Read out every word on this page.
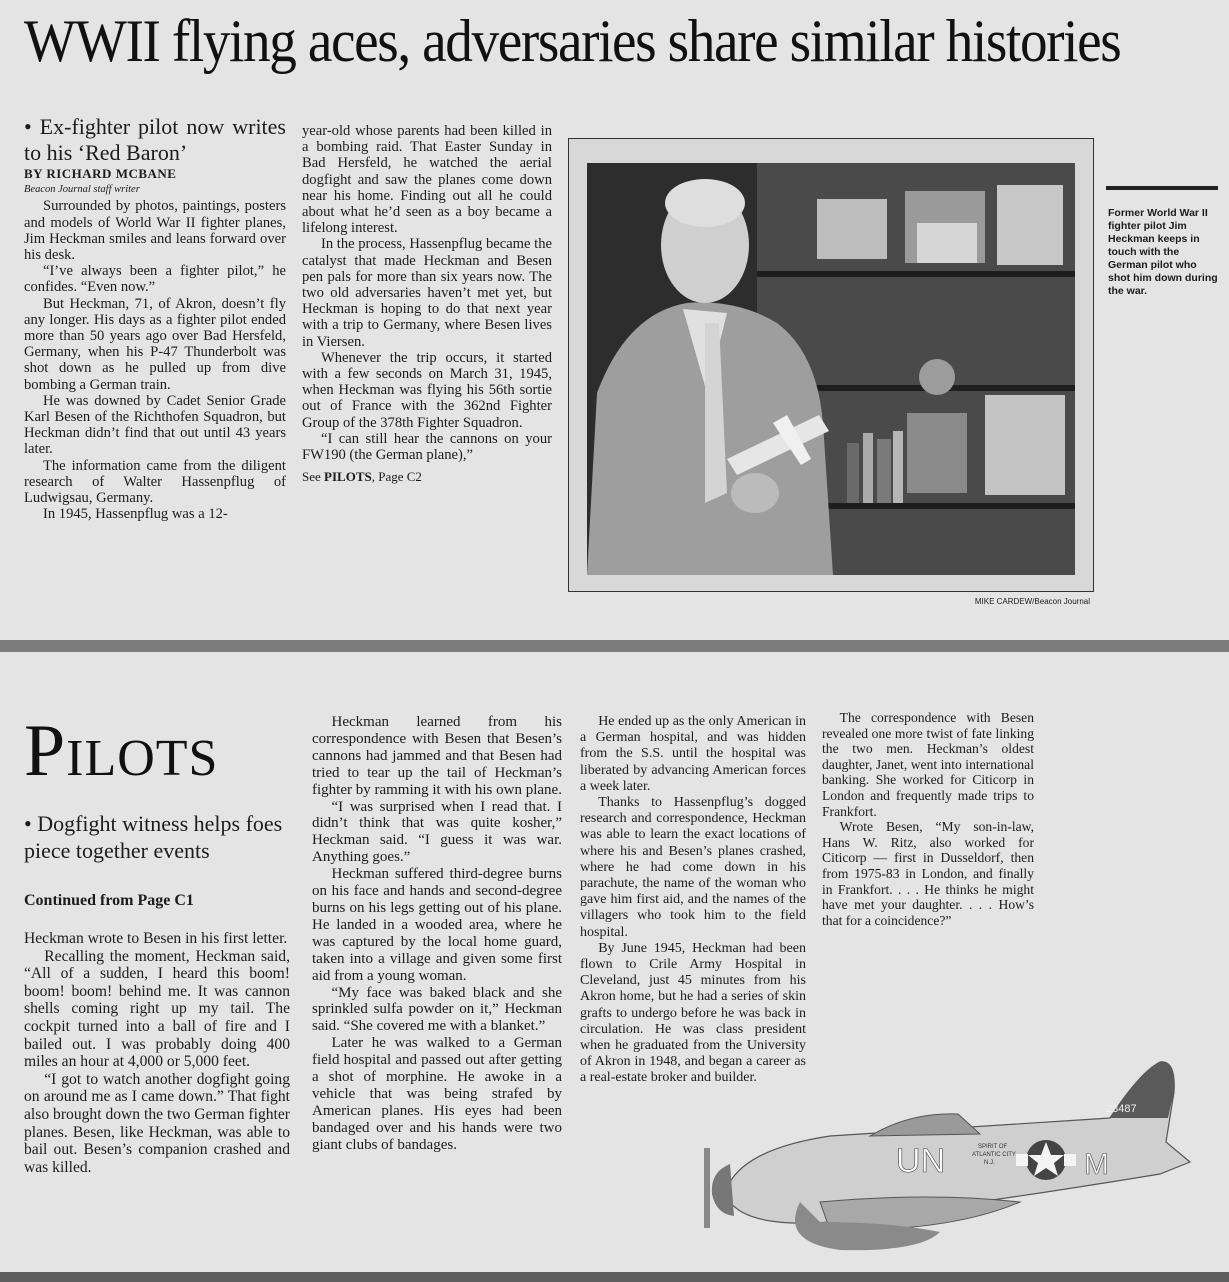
WWII flying aces, adversaries share similar histories

• Ex-fighter pilot now writes to his ‘Red Baron’

BY RICHARD MCBANE

Beacon Journal staff writer

Surrounded by photos, paintings, posters and models of World War II fighter planes, Jim Heckman smiles and leans forward over his desk.

“I’ve always been a fighter pilot,” he confides. “Even now.”

But Heckman, 71, of Akron, doesn’t fly any longer. His days as a fighter pilot ended more than 50 years ago over Bad Hersfeld, Germany, when his P-47 Thunderbolt was shot down as he pulled up from dive bombing a German train.

He was downed by Cadet Senior Grade Karl Besen of the Richthofen Squadron, but Heckman didn’t find that out until 43 years later.

The information came from the diligent research of Walter Hassenpflug of Ludwigsau, Germany.

In 1945, Hassenpflug was a 12-

year-old whose parents had been killed in a bombing raid. That Easter Sunday in Bad Hersfeld, he watched the aerial dogfight and saw the planes come down near his home. Finding out all he could about what he’d seen as a boy became a lifelong interest.

In the process, Hassenpflug became the catalyst that made Heckman and Besen pen pals for more than six years now. The two old adversaries haven’t met yet, but Heckman is hoping to do that next year with a trip to Germany, where Besen lives in Viersen.

Whenever the trip occurs, it started with a few seconds on March 31, 1945, when Heckman was flying his 56th sortie out of France with the 362nd Fighter Group of the 378th Fighter Squadron.

“I can still hear the cannons on your FW190 (the German plane),”

See PILOTS, Page C2
Former World War II fighter pilot Jim Heckman keeps in touch with the German pilot who shot him down during the war.
MIKE CARDEW/Beacon Journal
Pilots
• Dogfight witness helps foes piece together events
Continued from Page C1

Heckman wrote to Besen in his first letter.

Recalling the moment, Heckman said, “All of a sudden, I heard this boom! boom! boom! behind me. It was cannon shells coming right up my tail. The cockpit turned into a ball of fire and I bailed out. I was probably doing 400 miles an hour at 4,000 or 5,000 feet.

“I got to watch another dogfight going on around me as I came down.” That fight also brought down the two German fighter planes. Besen, like Heckman, was able to bail out. Besen’s companion crashed and was killed.

Heckman learned from his correspondence with Besen that Besen’s cannons had jammed and that Besen had tried to tear up the tail of Heckman’s fighter by ramming it with his own plane.

“I was surprised when I read that. I didn’t think that was quite kosher,” Heckman said. “I guess it was war. Anything goes.”

Heckman suffered third-degree burns on his face and hands and second-degree burns on his legs getting out of his plane. He landed in a wooded area, where he was captured by the local home guard, taken into a village and given some first aid from a young woman.

“My face was baked black and she sprinkled sulfa powder on it,” Heckman said. “She covered me with a blanket.”

Later he was walked to a German field hospital and passed out after getting a shot of morphine. He awoke in a vehicle that was being strafed by American planes. His eyes had been bandaged over and his hands were two giant clubs of bandages.

He ended up as the only American in a German hospital, and was hidden from the S.S. until the hospital was liberated by advancing American forces a week later.

Thanks to Hassenpflug’s dogged research and correspondence, Heckman was able to learn the exact locations of where his and Besen’s planes crashed, where he had come down in his parachute, the name of the woman who gave him first aid, and the names of the villagers who took him to the field hospital.

By June 1945, Heckman had been flown to Crile Army Hospital in Cleveland, just 45 minutes from his Akron home, but he had a series of skin grafts to undergo before he was back in circulation. He was class president when he graduated from the University of Akron in 1948, and began a career as a real-estate broker and builder.

The correspondence with Besen revealed one more twist of fate linking the two men. Heckman’s oldest daughter, Janet, went into international banking. She worked for Citicorp in London and frequently made trips to Frankfort.

Wrote Besen, “My son-in-law, Hans W. Ritz, also worked for Citicorp — first in Dusseldorf, then from 1975-83 in London, and finally in Frankfort. . . . He thinks he might have met your daughter. . . . How’s that for a coincidence?”

28487
UN	M
SPIRIT OF
ATLANTIC CITY
N.J.
